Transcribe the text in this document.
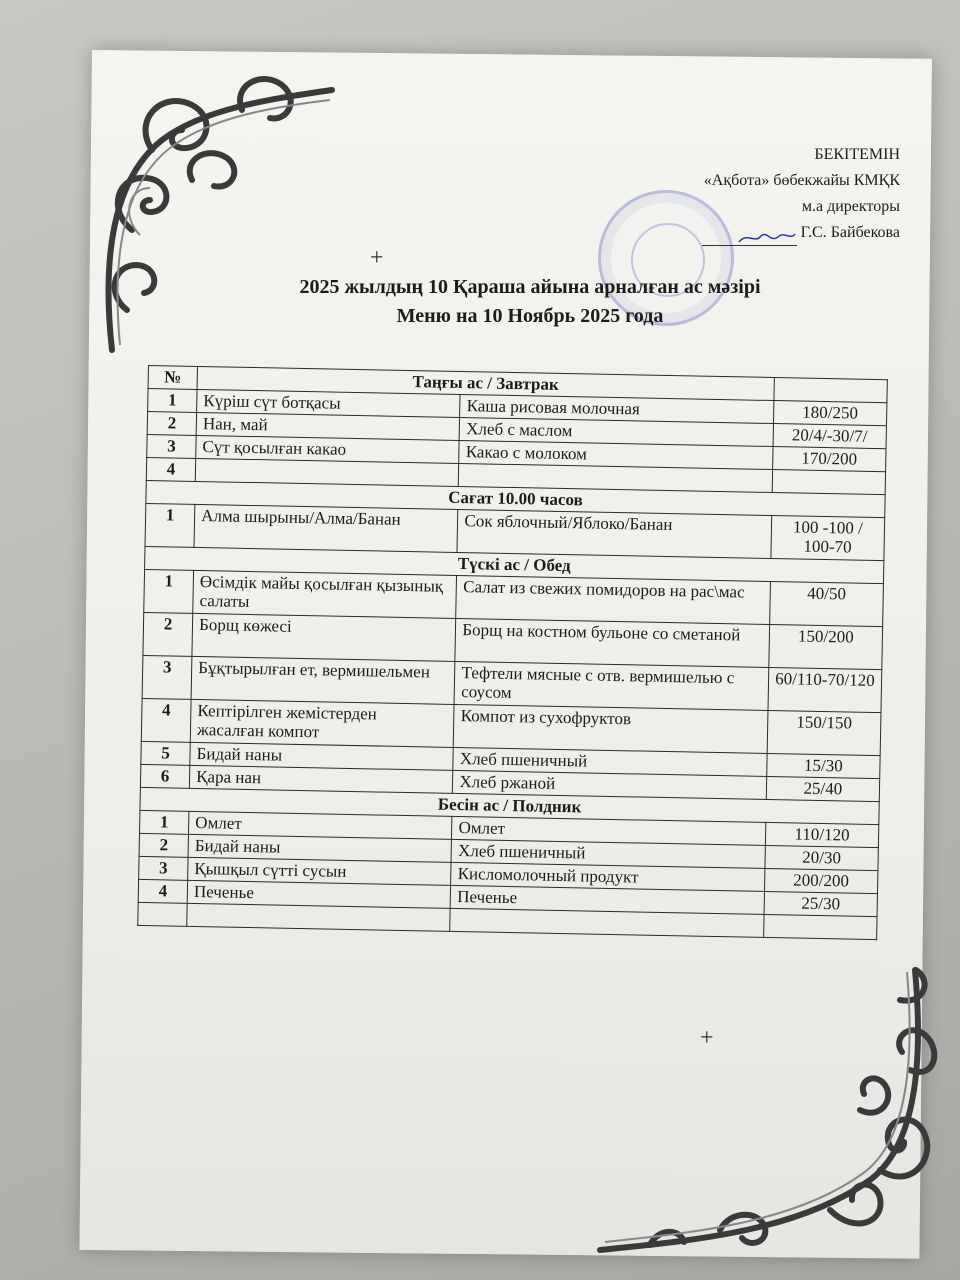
+
+
БЕКІТЕМІН
«Ақбота» бөбекжайы КМҚК
м.а директоры
Г.С. Байбекова
2025 жылдың 10 Қараша айына арналған ас мәзірі
Меню на 10 Ноябрь 2025 года
№	Таңғы ас / Завтрак		
1	Күріш сүт ботқасы	Каша рисовая молочная	180/250
2	Нан, май	Хлеб с маслом	20/4/-30/7/
3	Сүт қосылған какао	Какао с молоком	170/200
4			
Сағат 10.00 часов			
1	Алма шырыны/Алма/Банан	Сок яблочный/Яблоко/Банан	100 -100 / 100-70
Түскі ас / Обед			
1	Өсімдік майы қосылған қызынық салаты	Салат из свежих помидоров на рас\мас	40/50
2	Борщ көжесі	Борщ на костном бульоне со сметаной	150/200
3	Бұқтырылған ет, вермишельмен	Тефтели мясные с отв. вермишелью с соусом	60/110-70/120
4	Кептірілген жемістерден жасалған компот	Компот из сухофруктов	150/150
5	Бидай наны	Хлеб пшеничный	15/30
6	Қара нан	Хлеб ржаной	25/40
Бесін ас / Полдник			
1	Омлет	Омлет	110/120
2	Бидай наны	Хлеб пшеничный	20/30
3	Қышқыл сүтті сусын	Кисломолочный продукт	200/200
4	Печенье	Печенье	25/30
